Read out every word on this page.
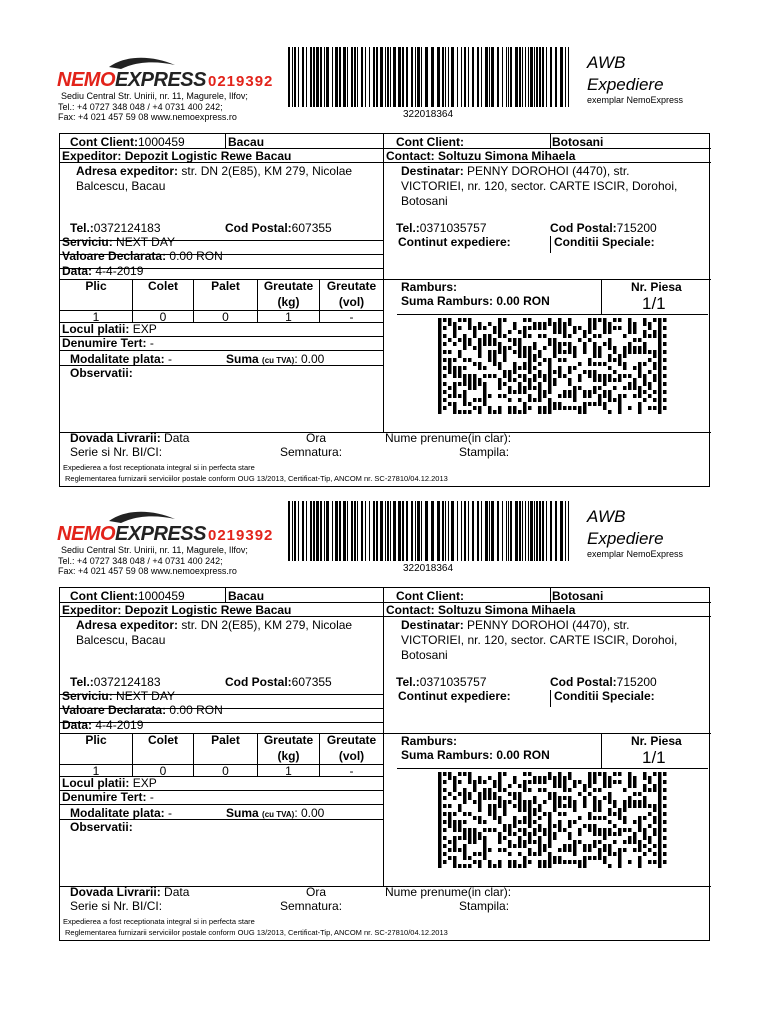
NEMOEXPRESS 0219392
Sediu Central Str. Unirii, nr. 11, Magurele, Ilfov;
Tel.: +4 0727 348 048 / +4 0731 400 242;
Fax: +4 021 457 59 08 www.nemoexpress.ro	322018364
AWB
Expediere
exemplar NemoExpress
Cont Client:1000459	Bacau	Cont Client:	Botosani
Expeditor: Depozit Logistic Rewe Bacau	Contact: Soltuzu Simona Mihaela
Adresa expeditor: str. DN 2(E85), KM 279, Nicolae
Balcescu, Bacau
Destinatar: PENNY DOROHOI (4470), str.
VICTORIEI, nr. 120, sector. CARTE ISCIR, Dorohoi,
Botosani
Tel.:0372124183	Cod Postal:607355	Tel.:0371035757	Cod Postal:715200
Serviciu: NEXT DAY
Valoare Declarata: 0.00 RON
Data: 4-4-2019
Continut expediere:	Conditii Speciale:
Plic	Colet	Palet	Greutate
(kg)
Greutate
(vol)
1	0	0	1	-
Ramburs:
Suma Ramburs: 0.00 RON
Nr. Piesa
1/1
Locul platii: EXP
Denumire Tert: -
Modalitate plata: -	Suma (cu TVA): 0.00
Observatii:
Dovada Livrarii: Data	Ora	Nume prenume(in clar):
Serie si Nr. BI/CI:	Semnatura:	Stampila:
Expedierea a fost receptionata integral si in perfecta stare
Reglementarea furnizarii serviciilor postale conform OUG 13/2013, Certificat-Tip, ANCOM nr. SC-27810/04.12.2013
NEMOEXPRESS 0219392
Sediu Central Str. Unirii, nr. 11, Magurele, Ilfov;
Tel.: +4 0727 348 048 / +4 0731 400 242;
Fax: +4 021 457 59 08 www.nemoexpress.ro	322018364
AWB
Expediere
exemplar NemoExpress
Cont Client:1000459	Bacau	Cont Client:	Botosani
Expeditor: Depozit Logistic Rewe Bacau	Contact: Soltuzu Simona Mihaela
Adresa expeditor: str. DN 2(E85), KM 279, Nicolae
Balcescu, Bacau
Destinatar: PENNY DOROHOI (4470), str.
VICTORIEI, nr. 120, sector. CARTE ISCIR, Dorohoi,
Botosani
Tel.:0372124183	Cod Postal:607355	Tel.:0371035757	Cod Postal:715200
Serviciu: NEXT DAY
Valoare Declarata: 0.00 RON
Data: 4-4-2019
Continut expediere:	Conditii Speciale:
Plic	Colet	Palet	Greutate
(kg)
Greutate
(vol)
1	0	0	1	-
Ramburs:
Suma Ramburs: 0.00 RON
Nr. Piesa
1/1
Locul platii: EXP
Denumire Tert: -
Modalitate plata: -	Suma (cu TVA): 0.00
Observatii:
Dovada Livrarii: Data	Ora	Nume prenume(in clar):
Serie si Nr. BI/CI:	Semnatura:	Stampila:
Expedierea a fost receptionata integral si in perfecta stare
Reglementarea furnizarii serviciilor postale conform OUG 13/2013, Certificat-Tip, ANCOM nr. SC-27810/04.12.2013
